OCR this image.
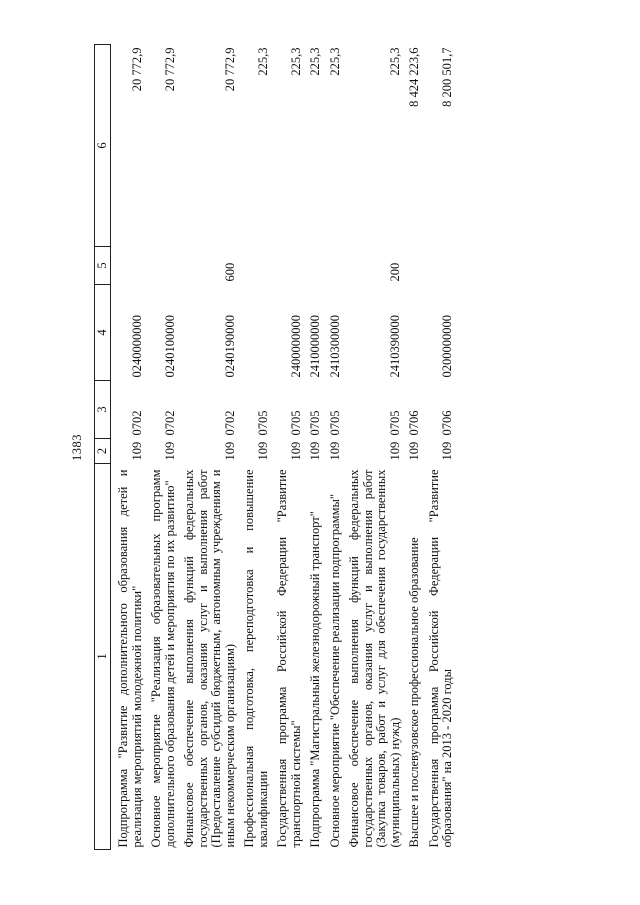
1383
1	2	3	4	5	6
Подпрограмма "Развитие дополнительного образования детей и реализация мероприятий молодежной политики"	109	0702	0240000000		20 772,9
Основное мероприятие "Реализация образовательных программ дополнительного образования детей и мероприятия по их развитию"	109	0702	0240100000		20 772,9
Финансовое обеспечение выполнения функций федеральных государственных органов, оказания услуг и выполнения работ (Предоставление субсидий бюджетным, автономным учреждениям и иным некоммерческим организациям)	109	0702	0240190000	600	20 772,9
Профессиональная подготовка, переподготовка и повышение квалификации	109	0705			225,3
Государственная программа Российской Федерации "Развитие транспортной системы"	109	0705	2400000000		225,3
Подпрограмма "Магистральный железнодорожный транспорт"	109	0705	2410000000		225,3
Основное мероприятие "Обеспечение реализации подпрограммы"	109	0705	2410300000		225,3
Финансовое обеспечение выполнения функций федеральных государственных органов, оказания услуг и выполнения работ (Закупка товаров, работ и услуг для обеспечения государственных (муниципальных) нужд)	109	0705	2410390000	200	225,3
Высшее и послевузовское профессиональное образование	109	0706			8 424 223,6
Государственная программа Российской Федерации "Развитие образования" на 2013 - 2020 годы	109	0706	0200000000		8 200 501,7
